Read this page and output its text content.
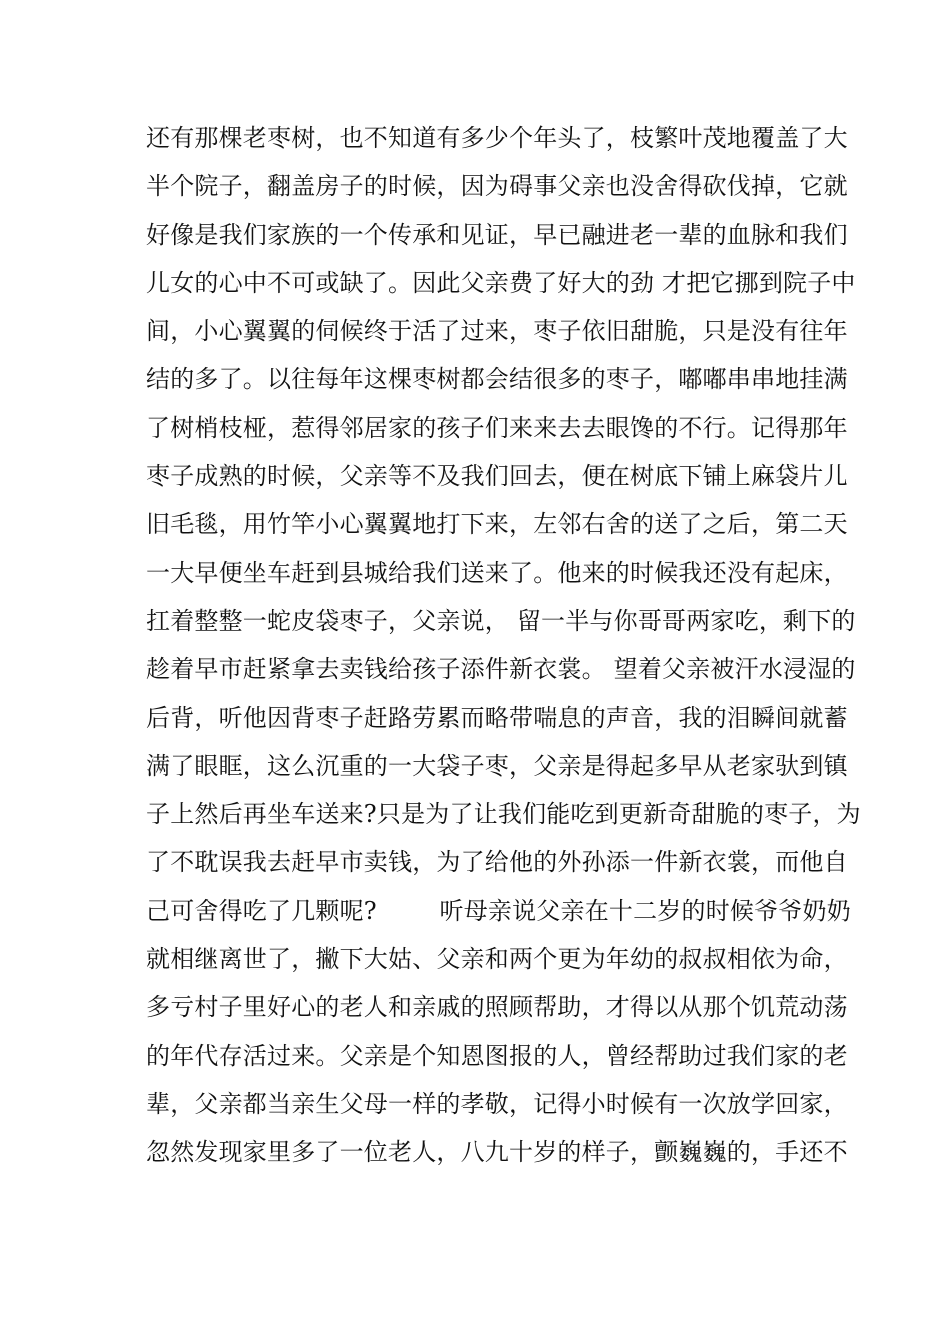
还有那棵老枣树，也不知道有多少个年头了，枝繁叶茂地覆盖了大

半个院子，翻盖房子的时候，因为碍事父亲也没舍得砍伐掉，它就

好像是我们家族的一个传承和见证，早已融进老一辈的血脉和我们

儿女的心中不可或缺了。因此父亲费了好大的劲 才把它挪到院子中

间，小心翼翼的伺候终于活了过来，枣子依旧甜脆，只是没有往年

结的多了。以往每年这棵枣树都会结很多的枣子，嘟嘟串串地挂满

了树梢枝桠，惹得邻居家的孩子们来来去去眼馋的不行。记得那年

枣子成熟的时候，父亲等不及我们回去，便在树底下铺上麻袋片儿

旧毛毯，用竹竿小心翼翼地打下来，左邻右舍的送了之后，第二天

一大早便坐车赶到县城给我们送来了。他来的时候我还没有起床，

扛着整整一蛇皮袋枣子，父亲说， 留一半与你哥哥两家吃，剩下的

趁着早市赶紧拿去卖钱给孩子添件新衣裳。 望着父亲被汗水浸湿的

后背，听他因背枣子赶路劳累而略带喘息的声音，我的泪瞬间就蓄

满了眼眶，这么沉重的一大袋子枣，父亲是得起多早从老家驮到镇

子上然后再坐车送来?只是为了让我们能吃到更新奇甜脆的枣子，为

了不耽误我去赶早市卖钱，为了给他的外孙添一件新衣裳，而他自

己可舍得吃了几颗呢?        听母亲说父亲在十二岁的时候爷爷奶奶

就相继离世了，撇下大姑、父亲和两个更为年幼的叔叔相依为命，

多亏村子里好心的老人和亲戚的照顾帮助，才得以从那个饥荒动荡

的年代存活过来。父亲是个知恩图报的人，曾经帮助过我们家的老

辈，父亲都当亲生父母一样的孝敬，记得小时候有一次放学回家，

忽然发现家里多了一位老人，八九十岁的样子，颤巍巍的，手还不
